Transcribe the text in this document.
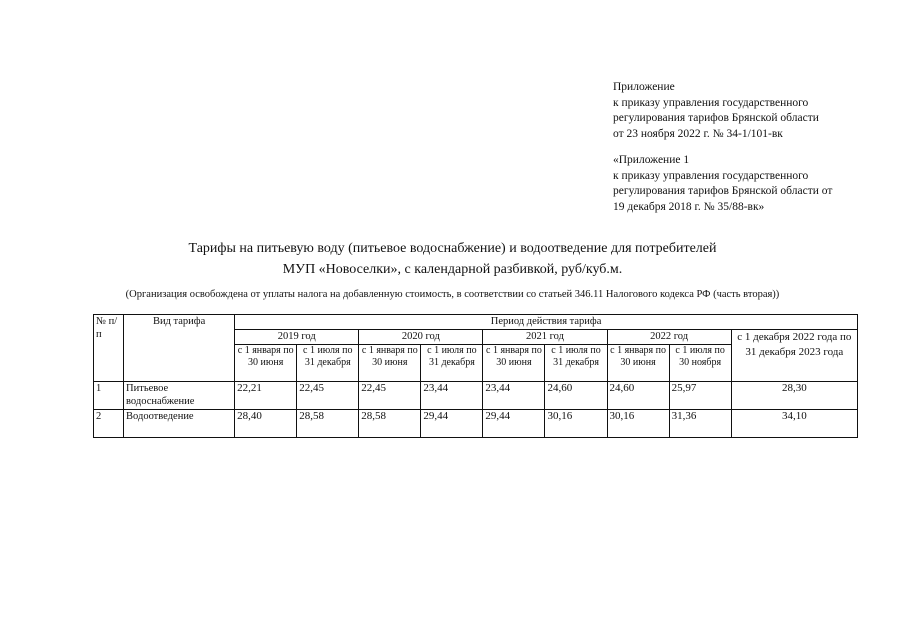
Приложение
к приказу управления государственного
регулирования тарифов Брянской области
от 23 ноября 2022 г. № 34-1/101-вк
«Приложение 1
к приказу управления государственного
регулирования тарифов Брянской области от
19 декабря 2018 г. № 35/88-вк»
Тарифы на питьевую воду (питьевое водоснабжение) и водоотведение для потребителей
МУП «Новоселки», с календарной разбивкой, руб/куб.м.
(Организация освобождена от уплаты налога на добавленную стоимость, в соответствии со статьей 346.11 Налогового кодекса РФ (часть вторая))
№ п/п	Вид тарифа	Период действия тарифа								
		2019 год		2020 год		2021 год		2022 год		с 1 декабря 2022 года по 31 декабря 2023 года
		с 1 января по 30 июня	с 1 июля по 31 декабря	с 1 января по 30 июня	с 1 июля по 31 декабря	с 1 января по 30 июня	с 1 июля по 31 декабря	с 1 января по 30 июня	с 1 июля по 30 ноября	
1	Питьевое водоснабжение	22,21	22,45	22,45	23,44	23,44	24,60	24,60	25,97	28,30
2	Водоотведение	28,40	28,58	28,58	29,44	29,44	30,16	30,16	31,36	34,10
